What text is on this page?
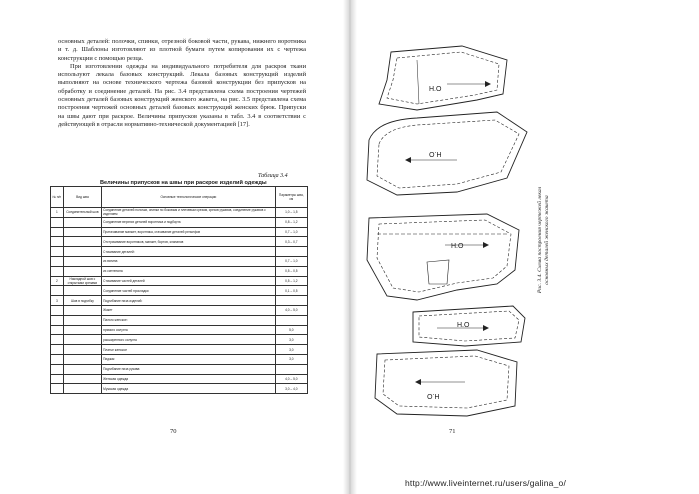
основных деталей: полочки, спинки, отрезной боковой части, рукава, нижнего воротника и т. д. Шаблоны изготовляют из плотной бумаги путем копирования их с чертежа конструкции с помощью резца.

При изготовлении одежды на индивидуального потребителя для раскроя ткани используют лекала базовых конструкций. Лекала базовых конструкций изделий выполняют на основе технического чертежа базовой конструкции без припусков на обработку и соединение деталей. На рис. 3.4 представлена схема построения чертежей основных деталей базовых конструкций женского жакета, на рис. 3.5 представлена схема построения чертежей основных деталей базовых конструкций женских брюк. Припуски на швы дают при раскрое. Величины припусков указаны в табл. 3.4 в соответствии с действующей в отрасли нормативно-технической документацией [17].

Таблица 3.4
Величины припусков на швы при раскрое изделий одежды
№ п/п	Вид шва	Основные технологические операции	Параметры шва, см
1	Соединительный шов	Соединение деталей полочки, спинки по боковым и плечевым срезам, срезов рукавов, соединение рукавов с изделием	1,0 – 1,5
		Соединение верхних деталей воротника и подборта	0,8 – 1,2
		Притачивание манжет, воротника, стачивание деталей рельефов	0,7 – 1,0
		Отстрачивание воротников, манжет, бортов, клапанов	0,3 – 0,7
		Стачивание деталей:	
		из ватина	0,7 – 1,0
		из синтепона	0,5 – 0,5
2	Накладной шов с открытыми срезами	Стачивание частей деталей	0,5 – 1,2
		Соединение частей прокладки	0,1 – 0,5
3	Шов в подгибку	Подгибание низа изделий:	
		Жакет	4,0 – 5,0
		Пальто женское:	
		прямого силуэта	5,0
		расширенного силуэта	3,0
		Платье женское	3,0
		Пиджак	3,0
		Подгибание низа рукава:	
		Женская одежда	4,0 – 5,0
		Мужская одежда	3,0 – 4,0
70
Н.О
Н.О
Н.О
Н.О
Н.О
Рис. 3.4. Схема построения чертежей лекал основных деталей женского жакета
71
http://www.liveinternet.ru/users/galina_o/
